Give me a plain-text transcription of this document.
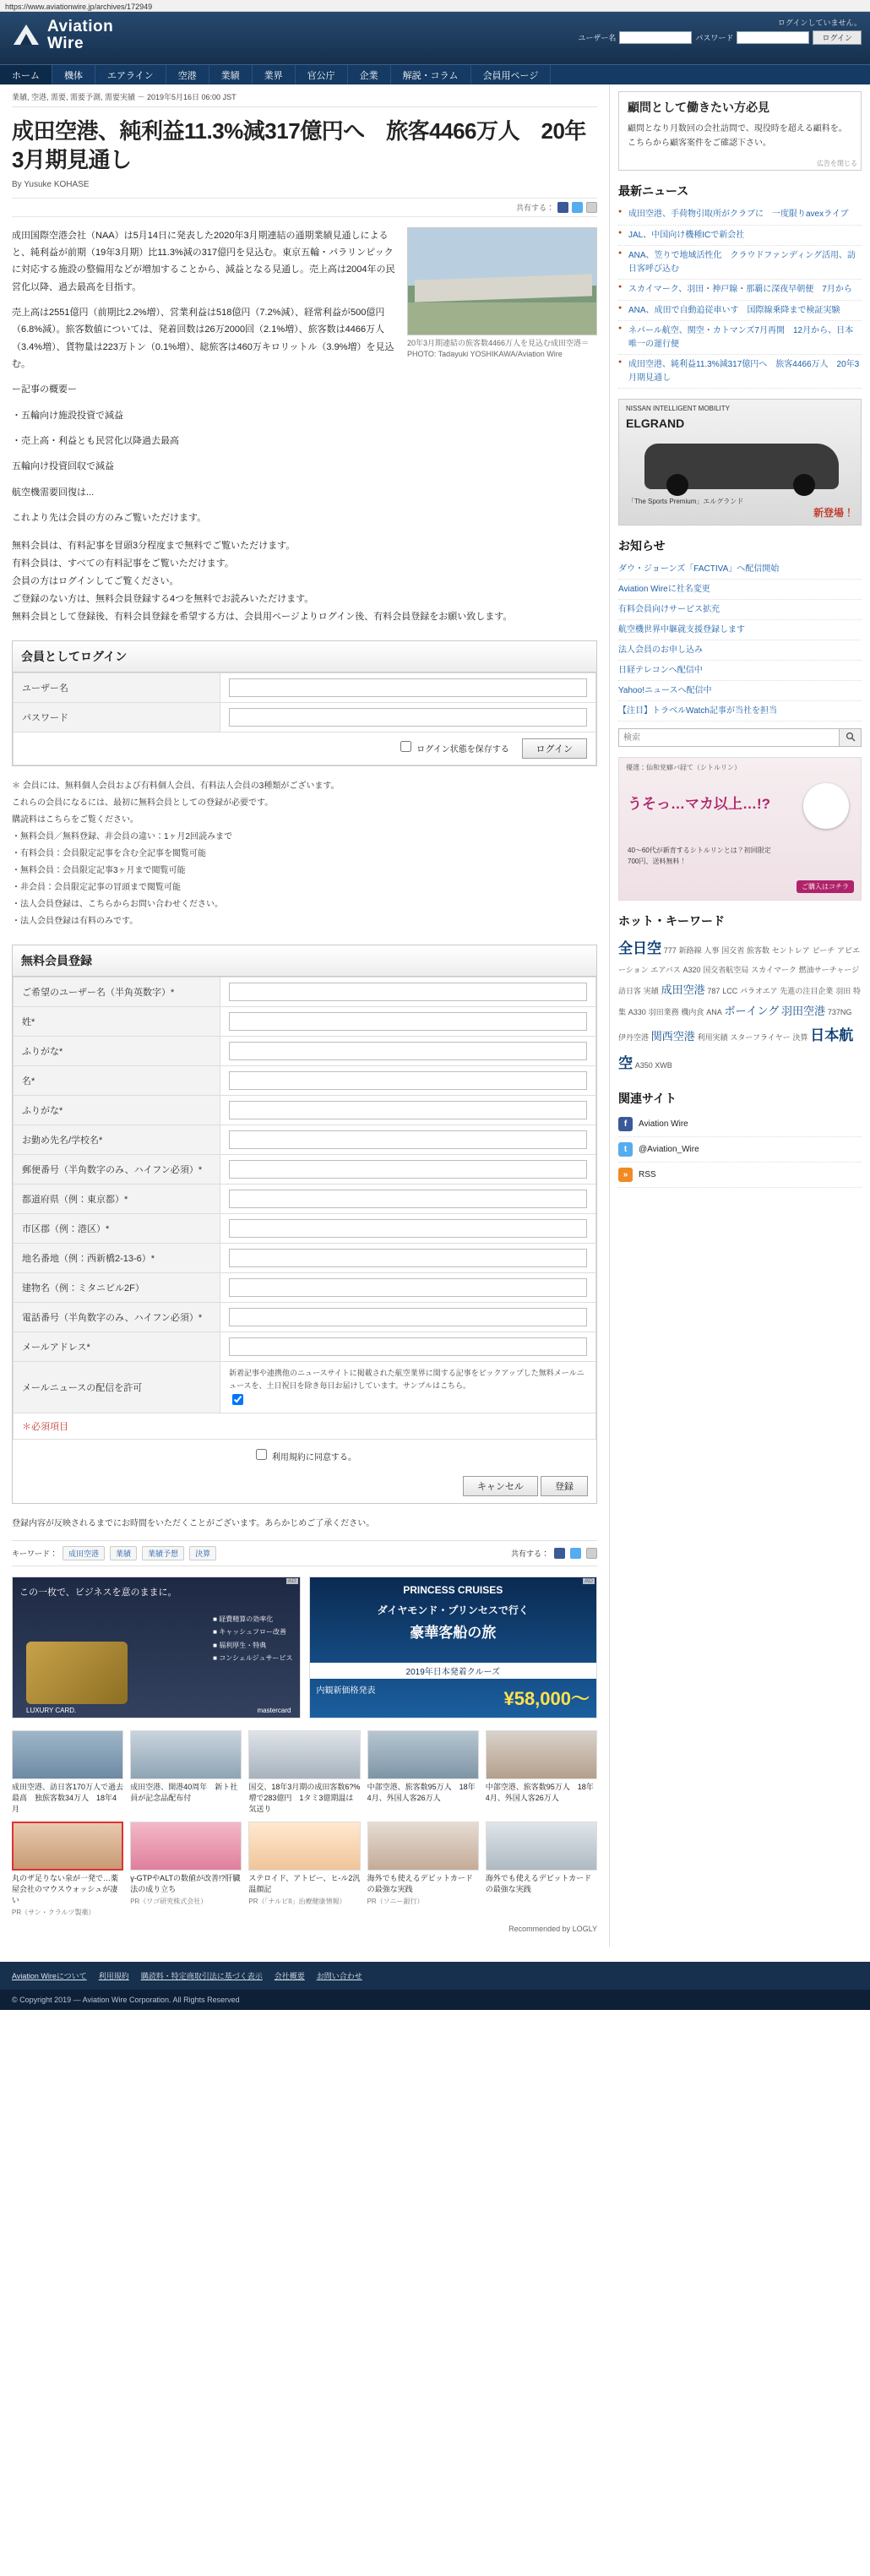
https://www.aviationwire.jp/archives/172949
Aviation
Wire
ログインしていません。
ユーザー名	パスワード	ログイン
ホーム	機体	エアライン	空港	業績	業界	官公庁	企業	解説・コラム	会員用ページ
業績, 空港, 需要, 需要予測, 需要実績 － 2019年5月16日 06:00 JST
成田空港、純利益11.3%減317億円へ　旅客4466万人　20年3月期見通し
By Yusuke KOHASE
共有する：
20年3月期連結の旅客数4466万人を見込む成田空港＝PHOTO: Tadayuki YOSHIKAWA/Aviation Wire

成田国際空港会社（NAA）は5月14日に発表した2020年3月期連結の通期業績見通しによると、純利益が前期（19年3月期）比11.3%減の317億円を見込む。東京五輪・パラリンピックに対応する施設の整備用などが増加することから、減益となる見通し。売上高は2004年の民営化以降、過去最高を目指す。

売上高は2551億円（前期比2.2%増）、営業利益は518億円（7.2%減）、経常利益が500億円（6.8%減）。旅客数値については、発着回数は26万2000回（2.1%増）、旅客数は4466万人（3.4%増）、貨物量は223万トン（0.1%増）、総旅客は460万キロリットル（3.9%増）を見込む。

ー記事の概要ー

・五輪向け施設投資で減益

・売上高・利益とも民営化以降過去最高

五輪向け投資回収で減益

航空機需要回復は...

これより先は会員の方のみご覧いただけます。

無料会員は、有料記事を冒頭3分程度まで無料でご覧いただけます。
有料会員は、すべての有料記事をご覧いただけます。
会員の方はログインしてご覧ください。
ご登録のない方は、無料会員登録する4つを無料でお読みいただけます。
無料会員として登録後、有料会員登録を希望する方は、会員用ページよりログイン後、有料会員登録をお願い致します。
会員としてログイン
ユーザー名	
パスワード	
ログイン状態を保存する	ログイン
＊ 会員には、無料個人会員および有料個人会員、有料法人会員の3種類がございます。
これらの会員になるには、最初に無料会員としての登録が必要です。
購読料はこちらをご覧ください。
・無料会員／無料登録、非会員の違い：1ヶ月2回読みまで
・有料会員：会員限定記事を含む全記事を閲覧可能
・無料会員：会員限定記事3ヶ月まで閲覧可能
・非会員：会員限定記事の冒頭まで閲覧可能
・法人会員登録は、こちらからお問い合わせください。
・法人会員登録は有料のみです。
無料会員登録
ご希望のユーザー名（半角英数字）*	
姓*	
ふりがな*	
名*	
ふりがな*	
お勤め先名/学校名*	
郵便番号（半角数字のみ、ハイフン必須）*	
都道府県（例：東京都）*	
市区郡（例：港区）*	
地名番地（例：西新橋2-13-6）*	
建物名（例：ミタニビル2F）	
電話番号（半角数字のみ、ハイフン必須）*	
メールアドレス*	
メールニュースの配信を許可	新着記事や連携他のニュースサイトに掲載された航空業界に関する記事をピックアップした無料メールニュースを、土日祝日を除き毎日お届けしています。サンプルはこちら。
＊必須項目
利用規約に同意する。
キャンセル	登録
登録内容が反映されるまでにお時間をいただくことがございます。あらかじめご了承ください。
キーワード：	成田空港	業績	業績予想	決算	共有する：
AD
この一枚で、ビジネスを意のままに。
■ 経費精算の効率化
■ キャッシュフロー改善
■ 福利厚生・特典
■ コンシェルジュサービス
LUXURY CARD.	mastercard
AD
PRINCESS CRUISES
ダイヤモンド・プリンセスで行く
豪華客船の旅
2019年日本発着クルーズ
内観新価格発表	¥58,000〜
成田空港、訪日客170万人で過去最高　独旅客数34万人　18年4月
成田空港、開港40周年　新ト社員が記念品配布付
国交、18年3月期の成田客数6?%増で283億円　1タミ3億期温は気送り
中部空港、旅客数95万人　18年4月、外国人客26万人
中部空港、旅客数95万人　18年4月、外国人客26万人
丸のザ足りない泉が一発で…薬屋会社のマウスウォッシュが凄い
PR（サン・クラルツ製薬）
γ-GTPやALTの数値が改善!?肝臓法の成り立ち
PR（ワゴ研究株式会社）
ステロイド、アトピー、ヒ-ル2汎温顔記
PR（「ナルピII」治療健康情報）
海外でも使えるデビットカードの最強な実践
PR（ソニー銀行）
海外でも使えるデビットカードの最強な実践
Recommended by LOGLY
顧問として働きたい方必見

顧問となり月数回の会社訪問で、現役時を超える顧料を。こちらから顧客案件をご確認下さい。

広告を閉じる
最新ニュース
● 成田空港、手荷物引取所がクラブに　一度限りavexライブ
● JAL、中国向け機種ICで新会社
● ANA、笠りで地域活性化　クラウドファンディング活用、訪日客呼び込む
● スカイマーク、羽田・神戸線・那覇に深夜早朝便　7月から
● ANA、成田で自動追従車いす　国際線乗降まで検証実験
● ネパール航空、関空・カトマンズ7月再開　12月から、日本唯一の運行便
● 成田空港、純利益11.3%減317億円へ　旅客4466万人　20年3月期見通し
NISSAN INTELLIGENT MOBILITY
ELGRAND
「The Sports Premium」エルグランド
新登場！
お知らせ
ダウ・ジョーンズ「FACTIVA」へ配信開始
Aviation Wireに社名変更
有料会員向けサービス拡充
航空機世界中継就支援登録します
法人会員のお申し込み
日経テレコンへ配信中
Yahoo!ニュースへ配信中
【注目】トラベルWatch記事が当社を担当
検索
優選：仙和党癖バ経て（シトルリン）
うそっ…マカ以上…!?
40〜60代が新育するシトルリンとは？初回限定700円、送料無料！
ご購入はコチラ
ホット・キーワード
全日空 777 新路線 人事 国交省 旅客数 セントレア ピーチ アビエーション エアバス A320 国交省航空局 スカイマーク 燃油サーチャージ 訪日客 実績 成田空港 787 LCC パラオエア 先進の注目企業 羽田 特集 A330 羽田業務 機内食 ANA ボーイング 羽田空港 737NG 伊丹空港 関西空港 利用実績 スターフライヤー 決算 日本航空 A350 XWB
関連サイト
f	Aviation Wire
t	@Aviation_Wire
»	RSS
Aviation Wireについて 利用規約 購読料・特定商取引法に基づく表示 会社概要 お問い合わせ
© Copyright 2019 — Aviation Wire Corporation. All Rights Reserved
